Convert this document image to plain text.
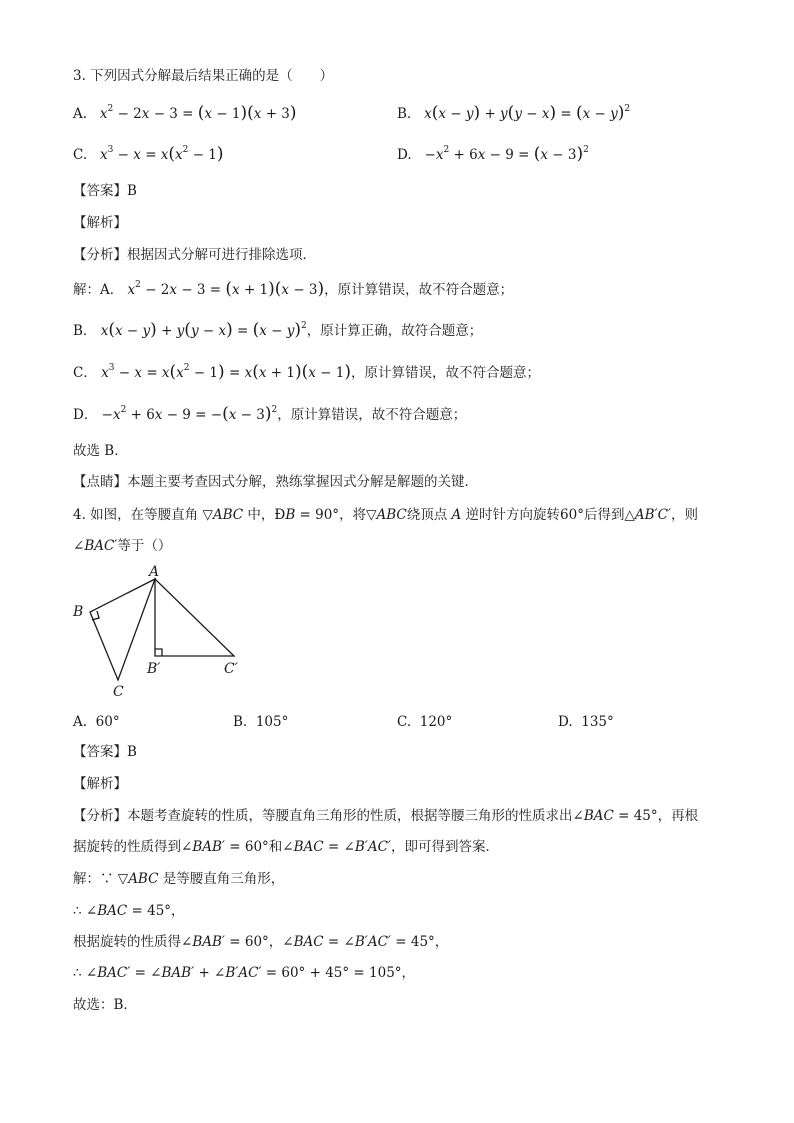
3. 下列因式分解最后结果正确的是（　　）
A.   $x^2 - 2x - 3 = (x - 1)(x + 3)$	B.   $x(x - y) + y(y - x) = (x - y)^2$
C.   $x^3 - x = x(x^2 - 1)$	D. $-x^2 + 6x - 9 = (x - 3)^2$
【答案】B
【解析】
【分析】根据因式分解可进行排除选项．
解：A． $x^2 - 2x - 3 = (x + 1)(x - 3)$，原计算错误，故不符合题意；
B． $x(x - y) + y(y - x) = (x - y)^2$，原计算正确，故符合题意；
C． $x^3 - x = x(x^2 - 1) = x(x + 1)(x - 1)$，原计算错误，故不符合题意；
D． $-x^2 + 6x - 9 = -(x - 3)^2$，原计算错误，故不符合题意；
故选 B．
【点睛】本题主要考查因式分解，熟练掌握因式分解是解题的关键．
4. 如图，在等腰直角 ▽ABC 中，ÐB = 90°，将▽ABC绕顶点 A 逆时针方向旋转60°后得到△AB′C′，则
∠BAC′等于（）
A
B
C
B′	C′
A. 60°	B. 105°	C. 120°	D. 135°
【答案】B
【解析】
【分析】本题考查旋转的性质，等腰直角三角形的性质，根据等腰三角形的性质求出∠BAC = 45°，再根
据旋转的性质得到∠BAB′ = 60°和∠BAC = ∠B′AC′，即可得到答案．
解：∵ ▽ABC 是等腰直角三角形，
∴ ∠BAC = 45°，
根据旋转的性质得∠BAB′ = 60°，∠BAC = ∠B′AC′ = 45°，
∴ ∠BAC′ = ∠BAB′ + ∠B′AC′ = 60° + 45° = 105°，
故选：B．
